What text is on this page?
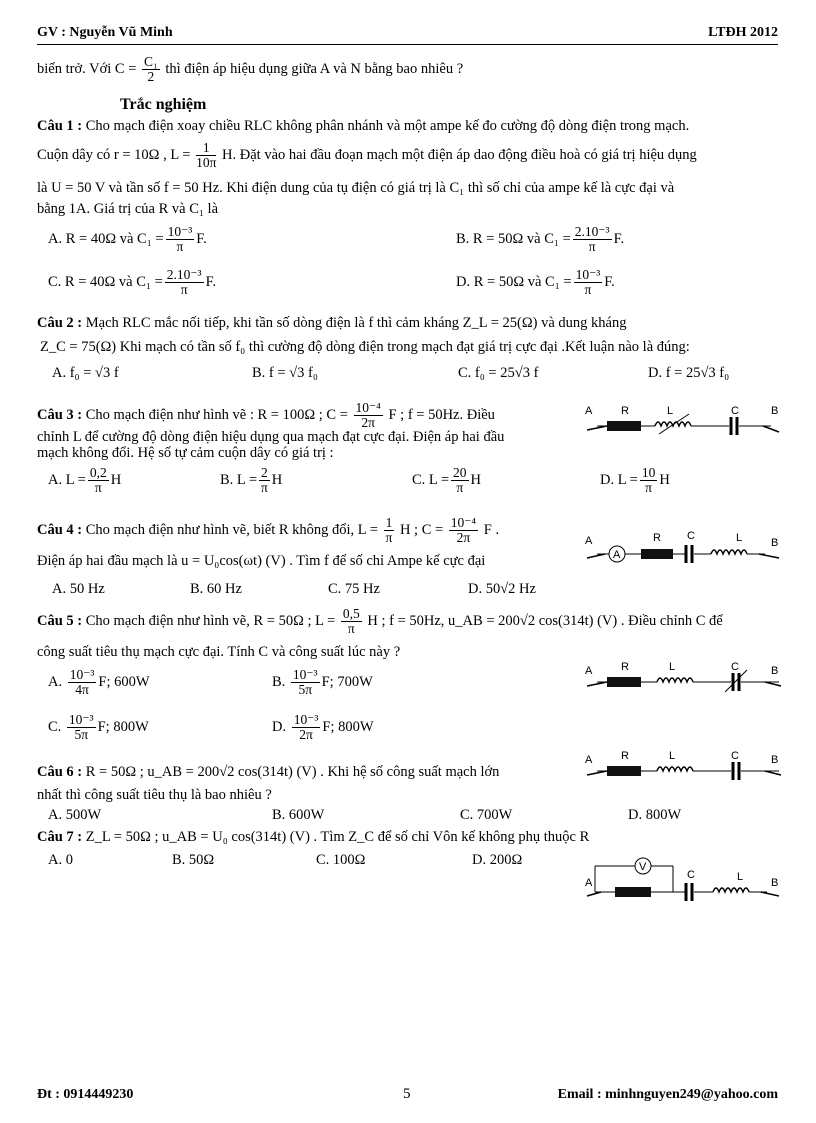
GV : Nguyễn Vũ Minh	LTĐH 2012
biến trở. Với $C = \frac{\text{C₁}}{2}$ thì điện áp hiệu dụng giữa A và N bằng bao nhiêu ?
Trắc nghiệm
Câu 1 : Cho mạch điện xoay chiều RLC không phân nhánh và một ampe kế đo cường độ dòng điện trong mạch.
Cuộn dây có r = 10Ω , $L = \frac{1}{10\pi} H$. Đặt vào hai đầu đoạn mạch một điện áp dao động điều hoà có giá trị hiệu dụng
là U = 50 V và tần số f = 50 Hz. Khi điện dung của tụ điện có giá trị là C₁ thì số chỉ của ampe kế là cực đại và
bằng 1A. Giá trị của R và C₁ là
A. R = 40Ω và $C_1 = \frac{\text{10⁻³}}{\pi} F$.	B. R = 50Ω và $C_1 = \frac{\text{2.10⁻³}}{\pi} F$.
C. R = 40Ω và $C_1 = \frac{\text{2.10⁻³}}{\pi} F$.	D. R = 50Ω và $C_1 = \frac{\text{10⁻³}}{\pi} F$.
Câu 2 : Mạch RLC mắc nối tiếp, khi tần số dòng điện là f thì cảm kháng Z_L = 25(Ω) và dung kháng
Z_C = 75(Ω) Khi mạch có tần số f₀ thì cường độ dòng điện trong mạch đạt giá trị cực đại .Kết luận nào là đúng:
A. f₀ = √3 f	B. f = √3 f₀	C. f₀ = 25√3 f	D. f = 25√3 f₀
Câu 3 : Cho mạch điện như hình vẽ : R = 100Ω ; $C = \frac{\text{10⁻⁴}}{2\pi}$ F ; f = 50Hz. Điều
chỉnh L để cường độ dòng điện hiệu dụng qua mạch đạt cực đại. Điện áp hai đầu
mạch không đổi. Hệ số tự cảm cuộn dây có giá trị :
A. $L = \frac{0,2}{\pi}$ H	B. $L = \frac{2}{\pi}$ H	C. $L = \frac{20}{\pi}$ H	D. $L = \frac{10}{\pi}$ H
Câu 4 : Cho mạch điện như hình vẽ, biết R không đổi, $L = \frac{1}{\pi}$ H ; $C = \frac{\text{10⁻⁴}}{2\pi}$ F .
Điện áp hai đầu mạch là u = U₀cos(ωt) (V) . Tìm f để số chỉ Ampe kế cực đại
A. 50 Hz	B. 60 Hz	C. 75 Hz	D. 50√2 Hz
Câu 5 : Cho mạch điện như hình vẽ, R = 50Ω ; $L = \frac{0,5}{\pi}$ H ; f = 50Hz, u_AB = 200√2 cos(314t) (V) . Điều chỉnh C để
công suất tiêu thụ mạch cực đại. Tính C và công suất lúc này ?
A. $\frac{\text{10⁻³}}{4\pi} F$; 600W	B. $\frac{\text{10⁻³}}{5\pi} F$; 700W
C. $\frac{\text{10⁻³}}{5\pi} F$; 800W	D. $\frac{\text{10⁻³}}{2\pi} F$; 800W
Câu 6 : R = 50Ω ; u_AB = 200√2 cos(314t) (V) . Khi hệ số công suất mạch lớn
nhất thì công suất tiêu thụ là bao nhiêu ?
A. 500W	B. 600W	C. 700W	D. 800W
Câu 7 : Z_L = 50Ω ; u_AB = U₀ cos(314t) (V) . Tìm Z_C để số chỉ Vôn kế không phụ thuộc R
A. 0	B. 50Ω	C. 100Ω	D. 200Ω
A	R	L	C	B
A	R C	L	B
A
A	R	L	C	B
A	R	L	C	B
A
C	L	B
V
Đt : 0914449230	5	Email : minhnguyen249@yahoo.com
